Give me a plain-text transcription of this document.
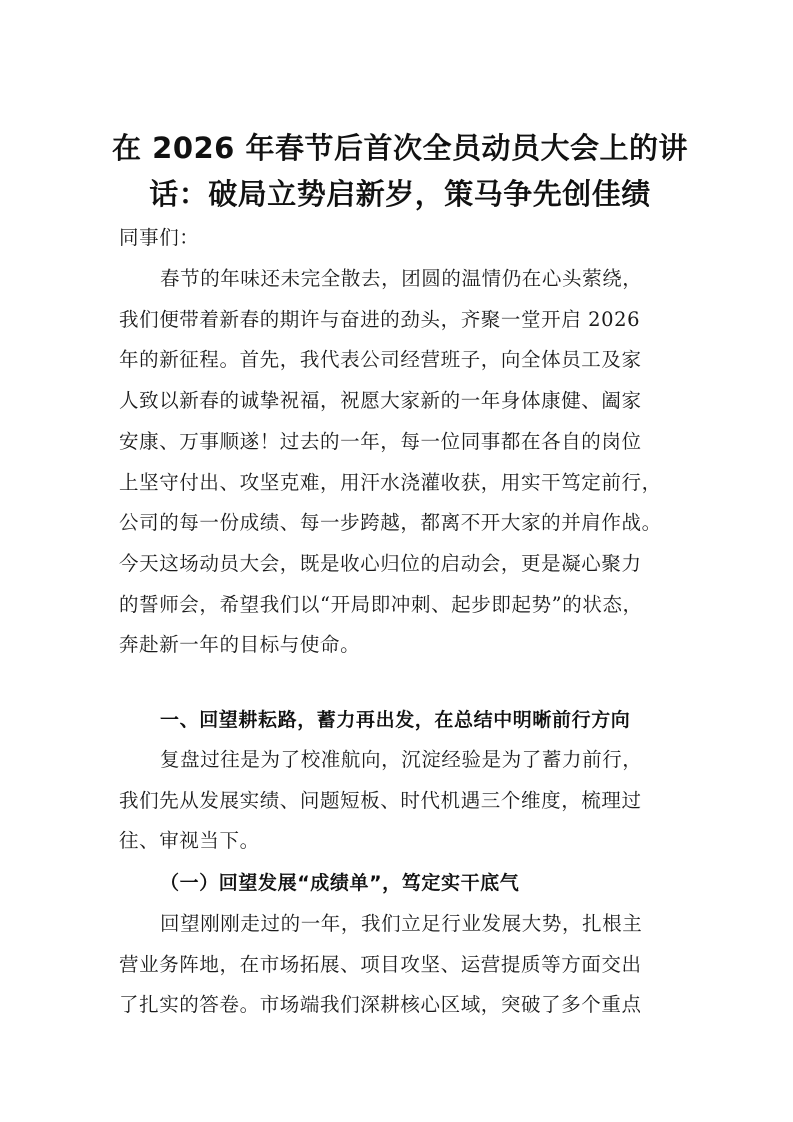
在 2026 年春节后首次全员动员大会上的讲
话：破局立势启新岁，策马争先创佳绩

同事们：

春节的年味还未完全散去，团圆的温情仍在心头萦绕，
我们便带着新春的期许与奋进的劲头，齐聚一堂开启 2026
年的新征程。首先，我代表公司经营班子，向全体员工及家
人致以新春的诚挚祝福，祝愿大家新的一年身体康健、阖家
安康、万事顺遂！过去的一年，每一位同事都在各自的岗位
上坚守付出、攻坚克难，用汗水浇灌收获，用实干笃定前行，
公司的每一份成绩、每一步跨越，都离不开大家的并肩作战。
今天这场动员大会，既是收心归位的启动会，更是凝心聚力
的誓师会，希望我们以“开局即冲刺、起步即起势”的状态，
奔赴新一年的目标与使命。

一、回望耕耘路，蓄力再出发，在总结中明晰前行方向

复盘过往是为了校准航向，沉淀经验是为了蓄力前行，
我们先从发展实绩、问题短板、时代机遇三个维度，梳理过
往、审视当下。

（一）回望发展“成绩单”，笃定实干底气

回望刚刚走过的一年，我们立足行业发展大势，扎根主
营业务阵地，在市场拓展、项目攻坚、运营提质等方面交出
了扎实的答卷。市场端我们深耕核心区域，突破了多个重点
